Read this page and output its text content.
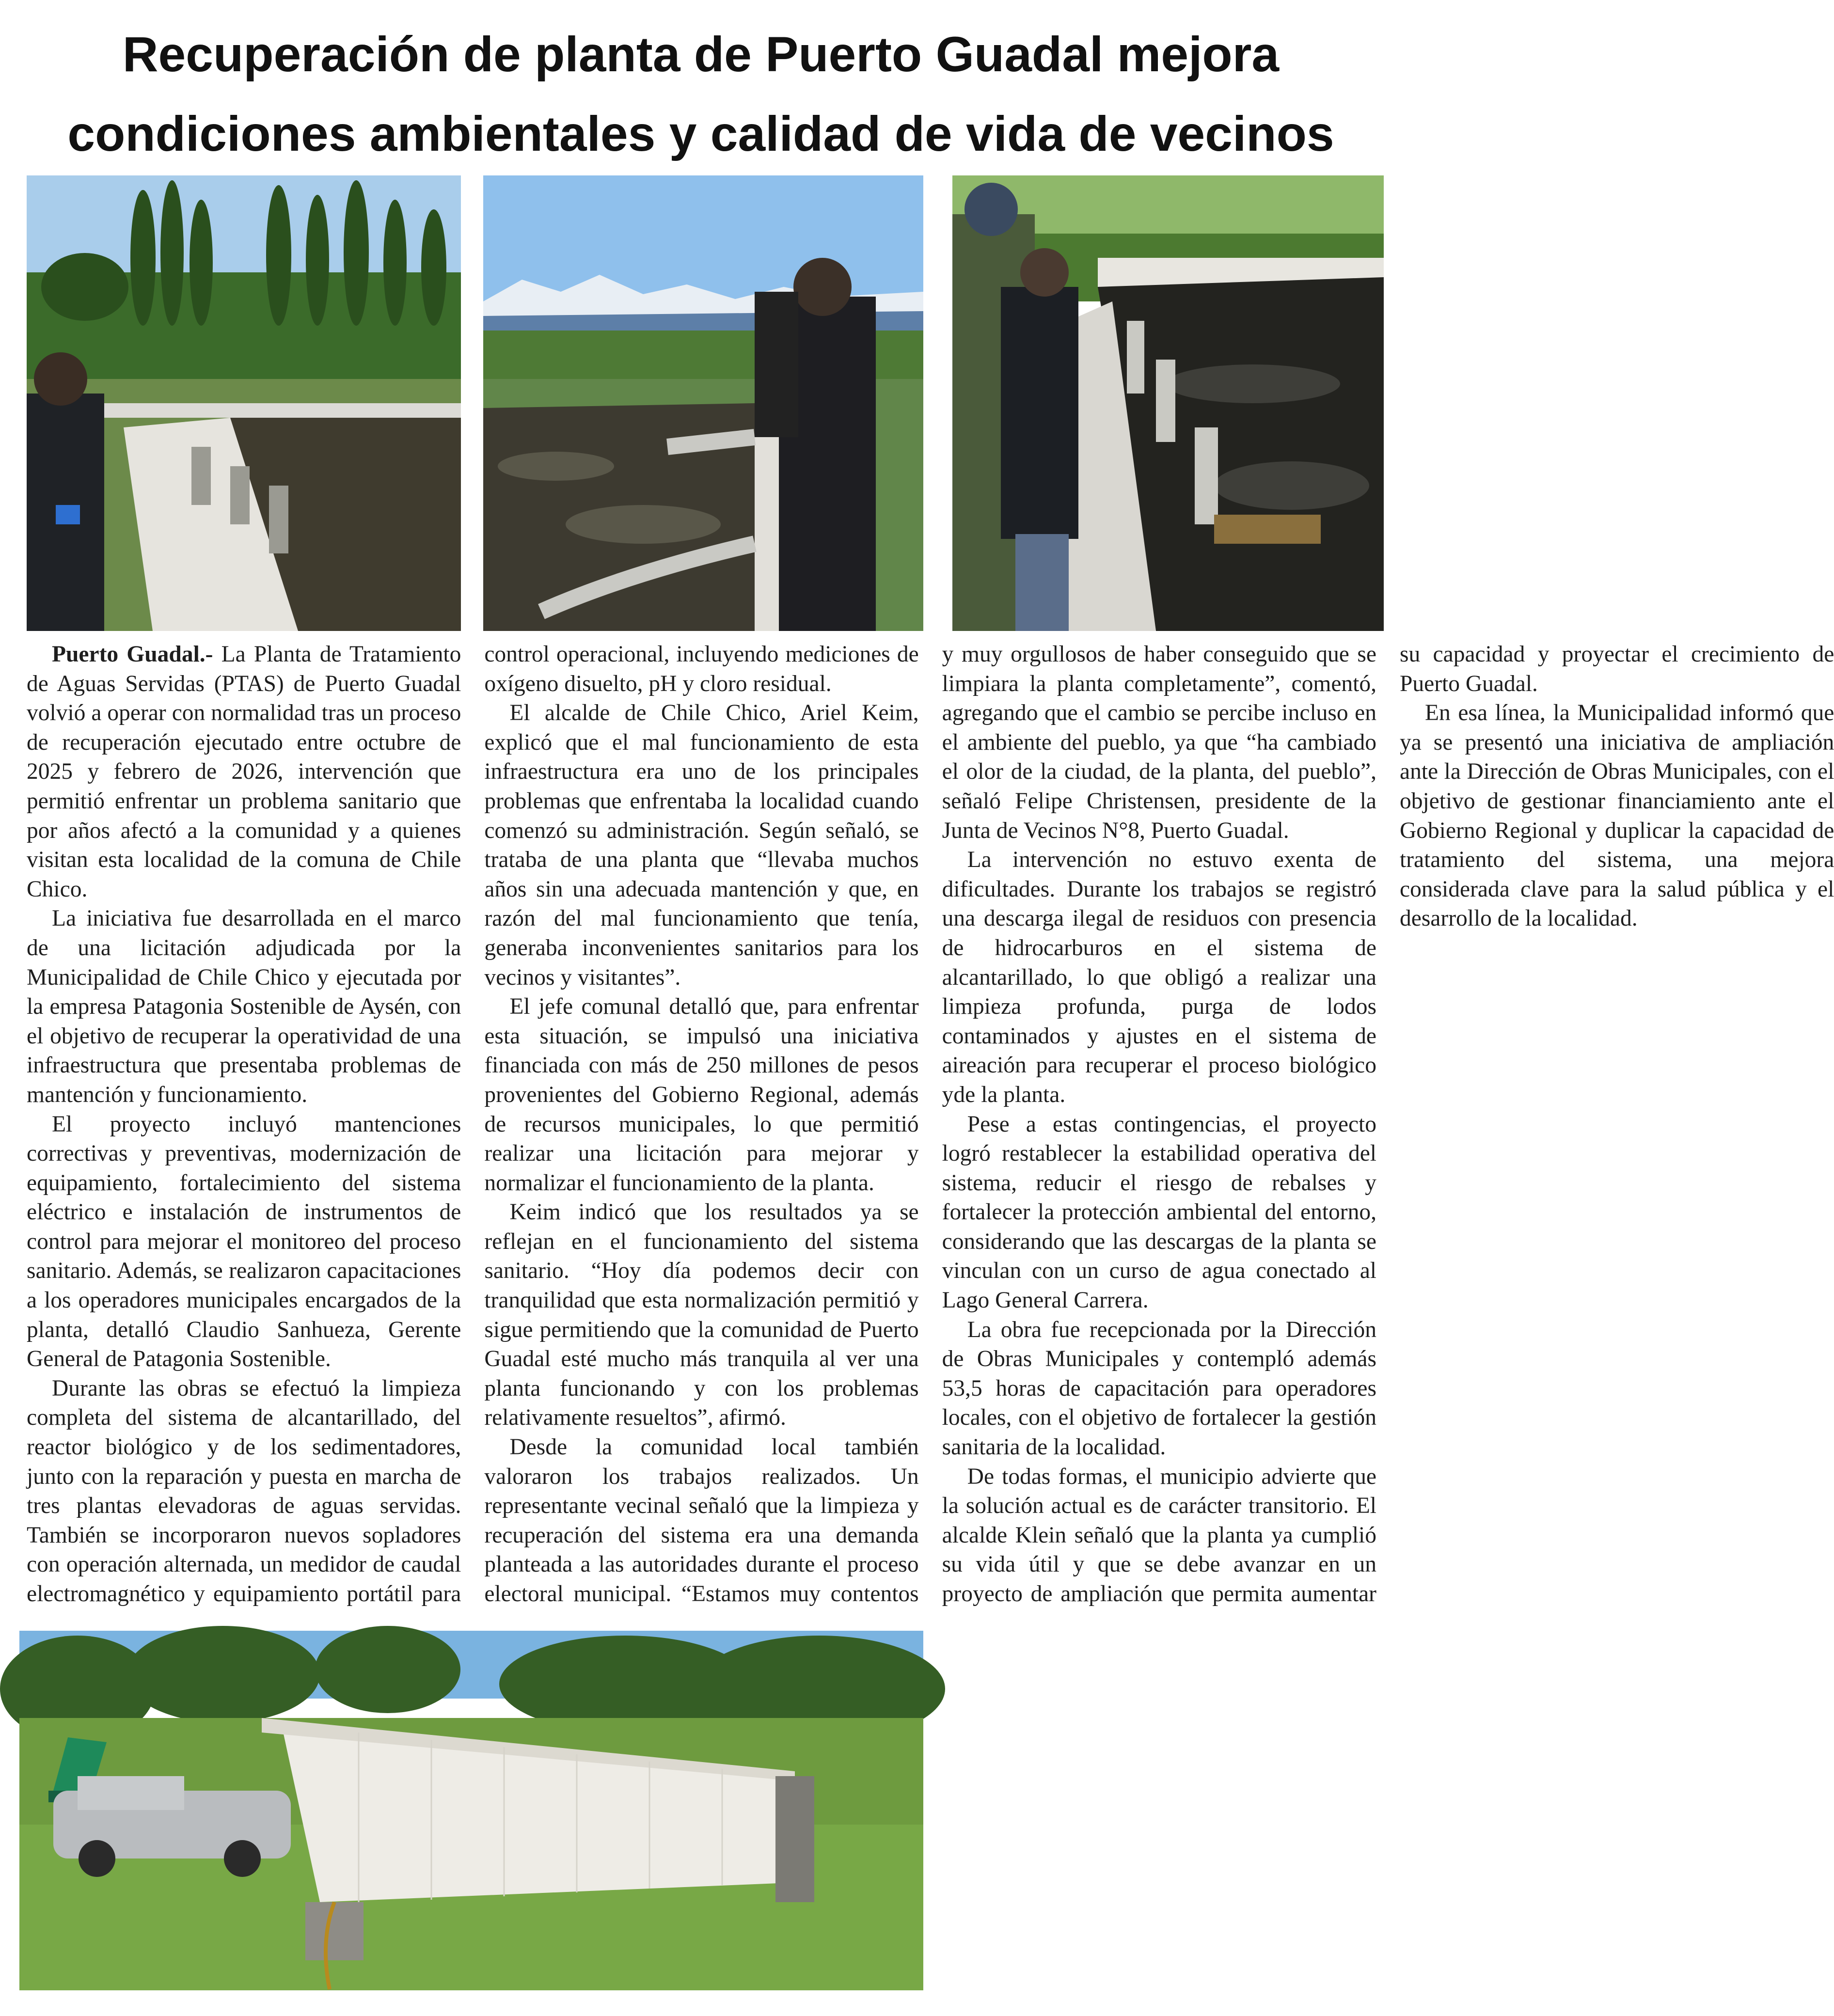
Recuperación de planta de Puerto Guadal mejora condiciones ambientales y calidad de vida de vecinos

Puerto Guadal.- La Planta de Tratamiento de Aguas Servidas (PTAS) de Puerto Guadal volvió a operar con normalidad tras un proceso de recuperación ejecutado entre octubre de 2025 y febrero de 2026, intervención que permitió enfrentar un problema sanitario que por años afectó a la comunidad y a quienes visitan esta localidad de la comuna de Chile Chico.

La iniciativa fue desarrollada en el marco de una licitación adjudicada por la Municipalidad de Chile Chico y ejecutada por la empresa Patagonia Sostenible de Aysén, con el objetivo de recuperar la operatividad de una infraestructura que presentaba problemas de mantención y funcionamiento.

El proyecto incluyó mantenciones correctivas y preventivas, modernización de equipamiento, fortalecimiento del sistema eléctrico e instalación de instrumentos de control para mejorar el monitoreo del proceso sanitario. Además, se realizaron capacitaciones a los operadores municipales encargados de la planta, detalló Claudio Sanhueza, Gerente General de Patagonia Sostenible.

Durante las obras se efectuó la limpieza completa del sistema de alcantarillado, del reactor biológico y de los sedimentadores, junto con la reparación y puesta en marcha de tres plantas elevadoras de aguas servidas. También se incorporaron nuevos sopladores con operación alternada, un medidor de caudal electromagnético y equipamiento portátil para control operacional, incluyendo mediciones de oxígeno disuelto, pH y cloro residual.

El alcalde de Chile Chico, Ariel Keim, explicó que el mal funcionamiento de esta infraestructura era uno de los principales problemas que enfrentaba la localidad cuando comenzó su administración. Según señaló, se trataba de una planta que “llevaba muchos años sin una adecuada mantención y que, en razón del mal funcionamiento que tenía, generaba inconvenientes sanitarios para los vecinos y visitantes”.

El jefe comunal detalló que, para enfrentar esta situación, se impulsó una iniciativa financiada con más de 250 millones de pesos provenientes del Gobierno Regional, además de recursos municipales, lo que permitió realizar una licitación para mejorar y normalizar el funcionamiento de la planta.

Keim indicó que los resultados ya se reflejan en el funcionamiento del sistema sanitario. “Hoy día podemos decir con tranquilidad que esta normalización permitió y sigue permitiendo que la comunidad de Puerto Guadal esté mucho más tranquila al ver una planta funcionando y con los problemas relativamente resueltos”, afirmó.

Desde la comunidad local también valoraron los trabajos realizados. Un representante vecinal señaló que la limpieza y recuperación del sistema era una demanda planteada a las autoridades durante el proceso electoral municipal. “Estamos muy contentos y muy orgullosos de haber conseguido que se limpiara la planta completamente”, comentó, agregando que el cambio se percibe incluso en el ambiente del pueblo, ya que “ha cambiado el olor de la ciudad, de la planta, del pueblo”, señaló Felipe Christensen, presidente de la Junta de Vecinos N°8, Puerto Guadal.

La intervención no estuvo exenta de dificultades. Durante los trabajos se registró una descarga ilegal de residuos con presencia de hidrocarburos en el sistema de alcantarillado, lo que obligó a realizar una limpieza profunda, purga de lodos contaminados y ajustes en el sistema de aireación para recuperar el proceso biológico yde la planta.

Pese a estas contingencias, el proyecto logró restablecer la estabilidad operativa del sistema, reducir el riesgo de rebalses y fortalecer la protección ambiental del entorno, considerando que las descargas de la planta se vinculan con un curso de agua conectado al Lago General Carrera.

La obra fue recepcionada por la Dirección de Obras Municipales y contempló además 53,5 horas de capacitación para operadores locales, con el objetivo de fortalecer la gestión sanitaria de la localidad.

De todas formas, el municipio advierte que la solución actual es de carácter transitorio. El alcalde Klein señaló que la planta ya cumplió su vida útil y que se debe avanzar en un proyecto de ampliación que permita aumentar su capacidad y proyectar el crecimiento de Puerto Guadal.

En esa línea, la Municipalidad informó que ya se presentó una iniciativa de ampliación ante la Dirección de Obras Municipales, con el objetivo de gestionar financiamiento ante el Gobierno Regional y duplicar la capacidad de tratamiento del sistema, una mejora considerada clave para la salud pública y el desarrollo de la localidad.
